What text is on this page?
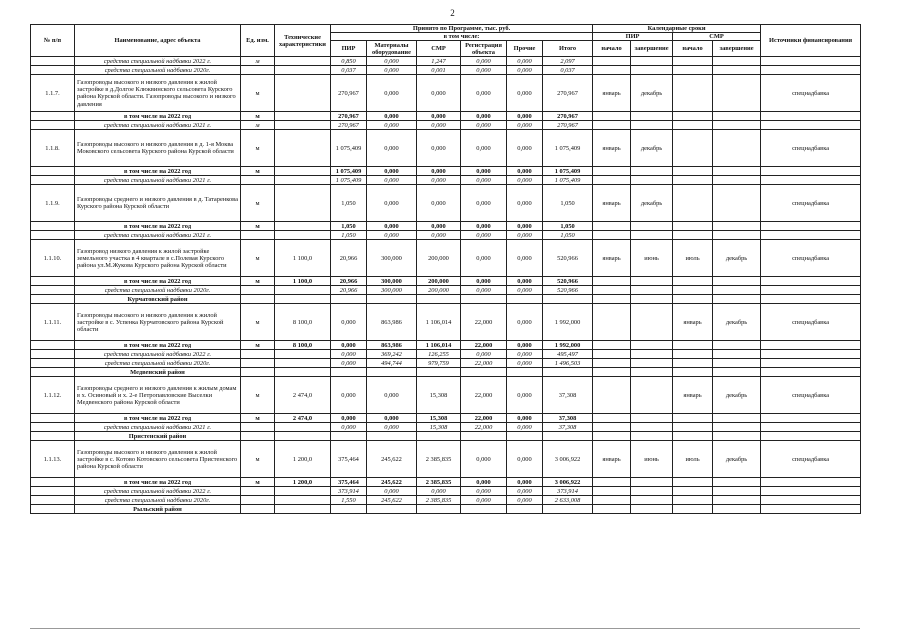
2
№ п/п	Наименование, адрес объекта	Ед. изм.	Технические характеристики	Принято по Программе, тыс. руб.						Календарные сроки				Источники финансирования
				в том числе:						ПИР		СМР		
				ПИР	Материалы оборудование	СМР	Регистрация объекта	Прочие	Итого	начало	завершение	начало	завершение	

	средства специальной надбавки 2022 г.	м		0,850	0,000	1,247	0,000	0,000	2,097					
	средства специальной надбавки 2020г.			0,037	0,000	0,001	0,000	0,000	0,037					
1.1.7.	Газопроводы высокого и низкого давления к жилой застройке в д.Долгое Клюквинского сельсовета Курского района Курской области. Газопроводы высокого и низкого давления	м		270,967	0,000	0,000	0,000	0,000	270,967	январь	декабрь			спецнадбавка
	в том числе на 2022 год	м		270,967	0,000	0,000	0,000	0,000	270,967					
	средства специальной надбавки 2021 г.	м		270,967	0,000	0,000	0,000	0,000	270,967					
1.1.8.	Газопроводы высокого и низкого давления в д. 1-я Моква Моковского сельсовета Курского района Курской области	м		1 075,409	0,000	0,000	0,000	0,000	1 075,409	январь	декабрь			спецнадбавка
	в том числе на 2022 год	м		1 075,409	0,000	0,000	0,000	0,000	1 075,409					
	средства специальной надбавки 2021 г.			1 075,409	0,000	0,000	0,000	0,000	1 075,409					
1.1.9.	Газопроводы среднего и низкого давления в д. Татаренкова Курского района Курской области	м		1,050	0,000	0,000	0,000	0,000	1,050	январь	декабрь			спецнадбавка
	в том числе на 2022 год	м		1,050	0,000	0,000	0,000	0,000	1,050					
	средства специальной надбавки 2021 г.			1,050	0,000	0,000	0,000	0,000	1,050					
1.1.10.	Газопровод низкого давления к жилой застройке земельного участка в 4 квартале в с.Полевая Курского района ул.М.Жукова Курского района Курской области	м	1 100,0	20,966	300,000	200,000	0,000	0,000	520,966	январь	июнь	июль	декабрь	спецнадбавка
	в том числе на 2022 год	м	1 100,0	20,966	300,000	200,000	0,000	0,000	520,966					
	средства специальной надбавки 2020г.			20,966	300,000	200,000	0,000	0,000	520,966					
	Курчатовский район													
1.1.11.	Газопроводы высокого и низкого давления к жилой застройке в с. Успенка Курчатовского района Курской области	м	8 100,0	0,000	863,986	1 106,014	22,000	0,000	1 992,000			январь	декабрь	спецнадбавка
	в том числе на 2022 год	м	8 100,0	0,000	863,986	1 106,014	22,000	0,000	1 992,000					
	средства специальной надбавки 2022 г.			0,000	369,242	126,255	0,000	0,000	495,497					
	средства специальной надбавки 2020г.			0,000	494,744	979,759	22,000	0,000	1 496,503					
	Медвенский район													
1.1.12.	Газопроводы среднего и низкого давления к жилым домам в х. Осиновый и х. 2-е Петропавловские Выселки Медвенского района Курской области	м	2 474,0	0,000	0,000	15,308	22,000	0,000	37,308			январь	декабрь	спецнадбавка
	в том числе на 2022 год	м	2 474,0	0,000	0,000	15,308	22,000	0,000	37,308					
	средства специальной надбавки 2021 г.			0,000	0,000	15,308	22,000	0,000	37,308					
	Пристенский район													
1.1.13.	Газопроводы высокого и низкого давления к жилой застройке в с. Котово Котовского сельсовета Пристенского района Курской области	м	1 200,0	375,464	245,622	2 385,835	0,000	0,000	3 006,922	январь	июнь	июль	декабрь	спецнадбавка
	в том числе на 2022 год	м	1 200,0	375,464	245,622	2 385,835	0,000	0,000	3 006,922					
	средства специальной надбавки 2022 г.			373,914	0,000	0,000	0,000	0,000	373,914					
	средства специальной надбавки 2020г.			1,550	245,622	2 385,835	0,000	0,000	2 633,008					
	Рыльский район													
